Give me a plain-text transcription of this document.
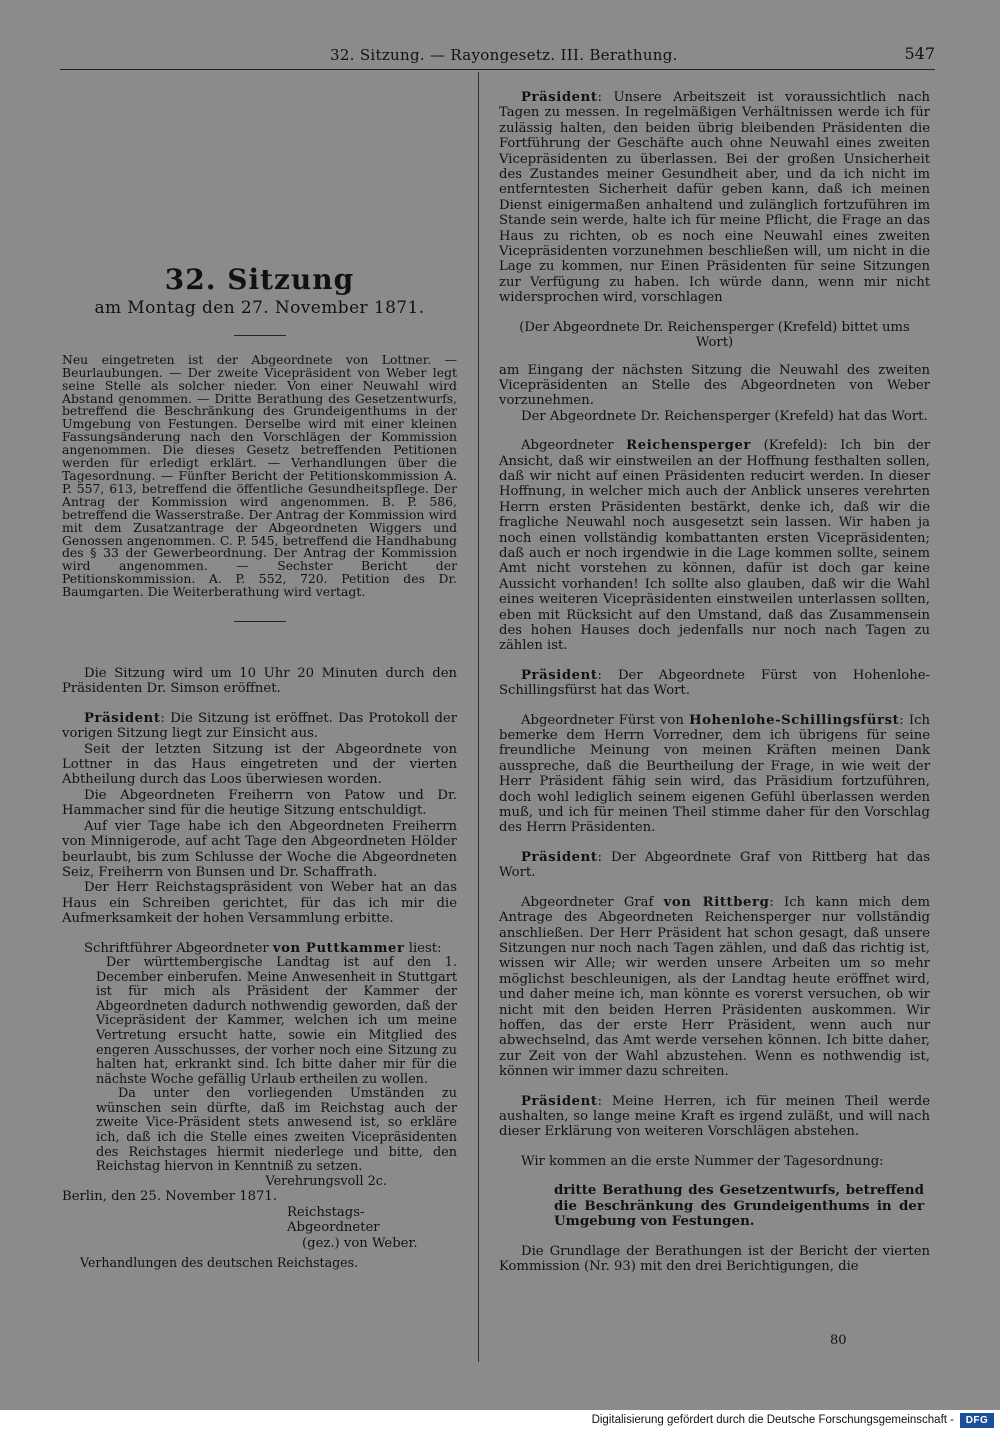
32. Sitzung. — Rayongesetz. III. Berathung.	547
32. Sitzung
am Montag den 27. November 1871.

Neu eingetreten ist der Abgeordnete von Lottner. — Beurlaubungen. — Der zweite Vicepräsident von Weber legt seine Stelle als solcher nieder. Von einer Neuwahl wird Abstand genommen. — Dritte Berathung des Gesetzentwurfs, betreffend die Beschränkung des Grundeigenthums in der Umgebung von Festungen. Derselbe wird mit einer kleinen Fassungsänderung nach den Vorschlägen der Kommission angenommen. Die dieses Gesetz betreffenden Petitionen werden für erledigt erklärt. — Verhandlungen über die Tagesordnung. — Fünfter Bericht der Petitionskommission A. P. 557, 613, betreffend die öffentliche Gesundheitspflege. Der Antrag der Kommission wird angenommen. B. P. 586, betreffend die Wasserstraße. Der Antrag der Kommission wird mit dem Zusatzantrage der Abgeordneten Wiggers und Genossen angenommen. C. P. 545, betreffend die Handhabung des § 33 der Gewerbeordnung. Der Antrag der Kommission wird angenommen. — Sechster Bericht der Petitionskommission. A. P. 552, 720. Petition des Dr. Baumgarten. Die Weiterberathung wird vertagt.

Die Sitzung wird um 10 Uhr 20 Minuten durch den Präsidenten Dr. Simson eröffnet.

Präsident: Die Sitzung ist eröffnet. Das Protokoll der vorigen Sitzung liegt zur Einsicht aus.

Seit der letzten Sitzung ist der Abgeordnete von Lottner in das Haus eingetreten und der vierten Abtheilung durch das Loos überwiesen worden.

Die Abgeordneten Freiherrn von Patow und Dr. Hammacher sind für die heutige Sitzung entschuldigt.

Auf vier Tage habe ich den Abgeordneten Freiherrn von Minnigerode, auf acht Tage den Abgeordneten Hölder beurlaubt, bis zum Schlusse der Woche die Abgeordneten Seiz, Freiherrn von Bunsen und Dr. Schaffrath.

Der Herr Reichstagspräsident von Weber hat an das Haus ein Schreiben gerichtet, für das ich mir die Aufmerksamkeit der hohen Versammlung erbitte.

Schriftführer Abgeordneter von Puttkammer liest:

Der württembergische Landtag ist auf den 1. December einberufen. Meine Anwesenheit in Stuttgart ist für mich als Präsident der Kammer der Abgeordneten dadurch nothwendig geworden, daß der Vicepräsident der Kammer, welchen ich um meine Vertretung ersucht hatte, sowie ein Mitglied des engeren Ausschusses, der vorher noch eine Sitzung zu halten hat, erkrankt sind. Ich bitte daher mir für die nächste Woche gefällig Urlaub ertheilen zu wollen.

Da unter den vorliegenden Umständen zu wünschen sein dürfte, daß im Reichstag auch der zweite Vice-Präsident stets anwesend ist, so erkläre ich, daß ich die Stelle eines zweiten Vicepräsidenten des Reichstages hiermit niederlege und bitte, den Reichstag hiervon in Kenntniß zu setzen.

Verehrungsvoll 2c.

Berlin, den 25. November 1871.

Reichstags-Abgeordneter

(gez.) von Weber.

Verhandlungen des deutschen Reichstages.

Präsident: Unsere Arbeitszeit ist voraussichtlich nach Tagen zu messen. In regelmäßigen Verhältnissen werde ich für zulässig halten, den beiden übrig bleibenden Präsidenten die Fortführung der Geschäfte auch ohne Neuwahl eines zweiten Vicepräsidenten zu überlassen. Bei der großen Unsicherheit des Zustandes meiner Gesundheit aber, und da ich nicht im entferntesten Sicherheit dafür geben kann, daß ich meinen Dienst einigermaßen anhaltend und zulänglich fortzuführen im Stande sein werde, halte ich für meine Pflicht, die Frage an das Haus zu richten, ob es noch eine Neuwahl eines zweiten Vicepräsidenten vorzunehmen beschließen will, um nicht in die Lage zu kommen, nur Einen Präsidenten für seine Sitzungen zur Verfügung zu haben. Ich würde dann, wenn mir nicht widersprochen wird, vorschlagen

(Der Abgeordnete Dr. Reichensperger (Krefeld) bittet ums Wort)

am Eingang der nächsten Sitzung die Neuwahl des zweiten Vicepräsidenten an Stelle des Abgeordneten von Weber vorzunehmen.

Der Abgeordnete Dr. Reichensperger (Krefeld) hat das Wort.

Abgeordneter Reichensperger (Krefeld): Ich bin der Ansicht, daß wir einstweilen an der Hoffnung festhalten sollen, daß wir nicht auf einen Präsidenten reducirt werden. In dieser Hoffnung, in welcher mich auch der Anblick unseres verehrten Herrn ersten Präsidenten bestärkt, denke ich, daß wir die fragliche Neuwahl noch ausgesetzt sein lassen. Wir haben ja noch einen vollständig kombattanten ersten Vicepräsidenten; daß auch er noch irgendwie in die Lage kommen sollte, seinem Amt nicht vorstehen zu können, dafür ist doch gar keine Aussicht vorhanden! Ich sollte also glauben, daß wir die Wahl eines weiteren Vicepräsidenten einstweilen unterlassen sollten, eben mit Rücksicht auf den Umstand, daß das Zusammensein des hohen Hauses doch jedenfalls nur noch nach Tagen zu zählen ist.

Präsident: Der Abgeordnete Fürst von Hohenlohe-Schillingsfürst hat das Wort.

Abgeordneter Fürst von Hohenlohe-Schillingsfürst: Ich bemerke dem Herrn Vorredner, dem ich übrigens für seine freundliche Meinung von meinen Kräften meinen Dank ausspreche, daß die Beurtheilung der Frage, in wie weit der Herr Präsident fähig sein wird, das Präsidium fortzuführen, doch wohl lediglich seinem eigenen Gefühl überlassen werden muß, und ich für meinen Theil stimme daher für den Vorschlag des Herrn Präsidenten.

Präsident: Der Abgeordnete Graf von Rittberg hat das Wort.

Abgeordneter Graf von Rittberg: Ich kann mich dem Antrage des Abgeordneten Reichensperger nur vollständig anschließen. Der Herr Präsident hat schon gesagt, daß unsere Sitzungen nur noch nach Tagen zählen, und daß das richtig ist, wissen wir Alle; wir werden unsere Arbeiten um so mehr möglichst beschleunigen, als der Landtag heute eröffnet wird, und daher meine ich, man könnte es vorerst versuchen, ob wir nicht mit den beiden Herren Präsidenten auskommen. Wir hoffen, das der erste Herr Präsident, wenn auch nur abwechselnd, das Amt werde versehen können. Ich bitte daher, zur Zeit von der Wahl abzustehen. Wenn es nothwendig ist, können wir immer dazu schreiten.

Präsident: Meine Herren, ich für meinen Theil werde aushalten, so lange meine Kraft es irgend zuläßt, und will nach dieser Erklärung von weiteren Vorschlägen abstehen.

Wir kommen an die erste Nummer der Tagesordnung:

dritte Berathung des Gesetzentwurfs, betreffend die Beschränkung des Grundeigenthums in der Umgebung von Festungen.

Die Grundlage der Berathungen ist der Bericht der vierten Kommission (Nr. 93) mit den drei Berichtigungen, die

80
Digitalisierung gefördert durch die Deutsche Forschungsgemeinschaft -	DFG
